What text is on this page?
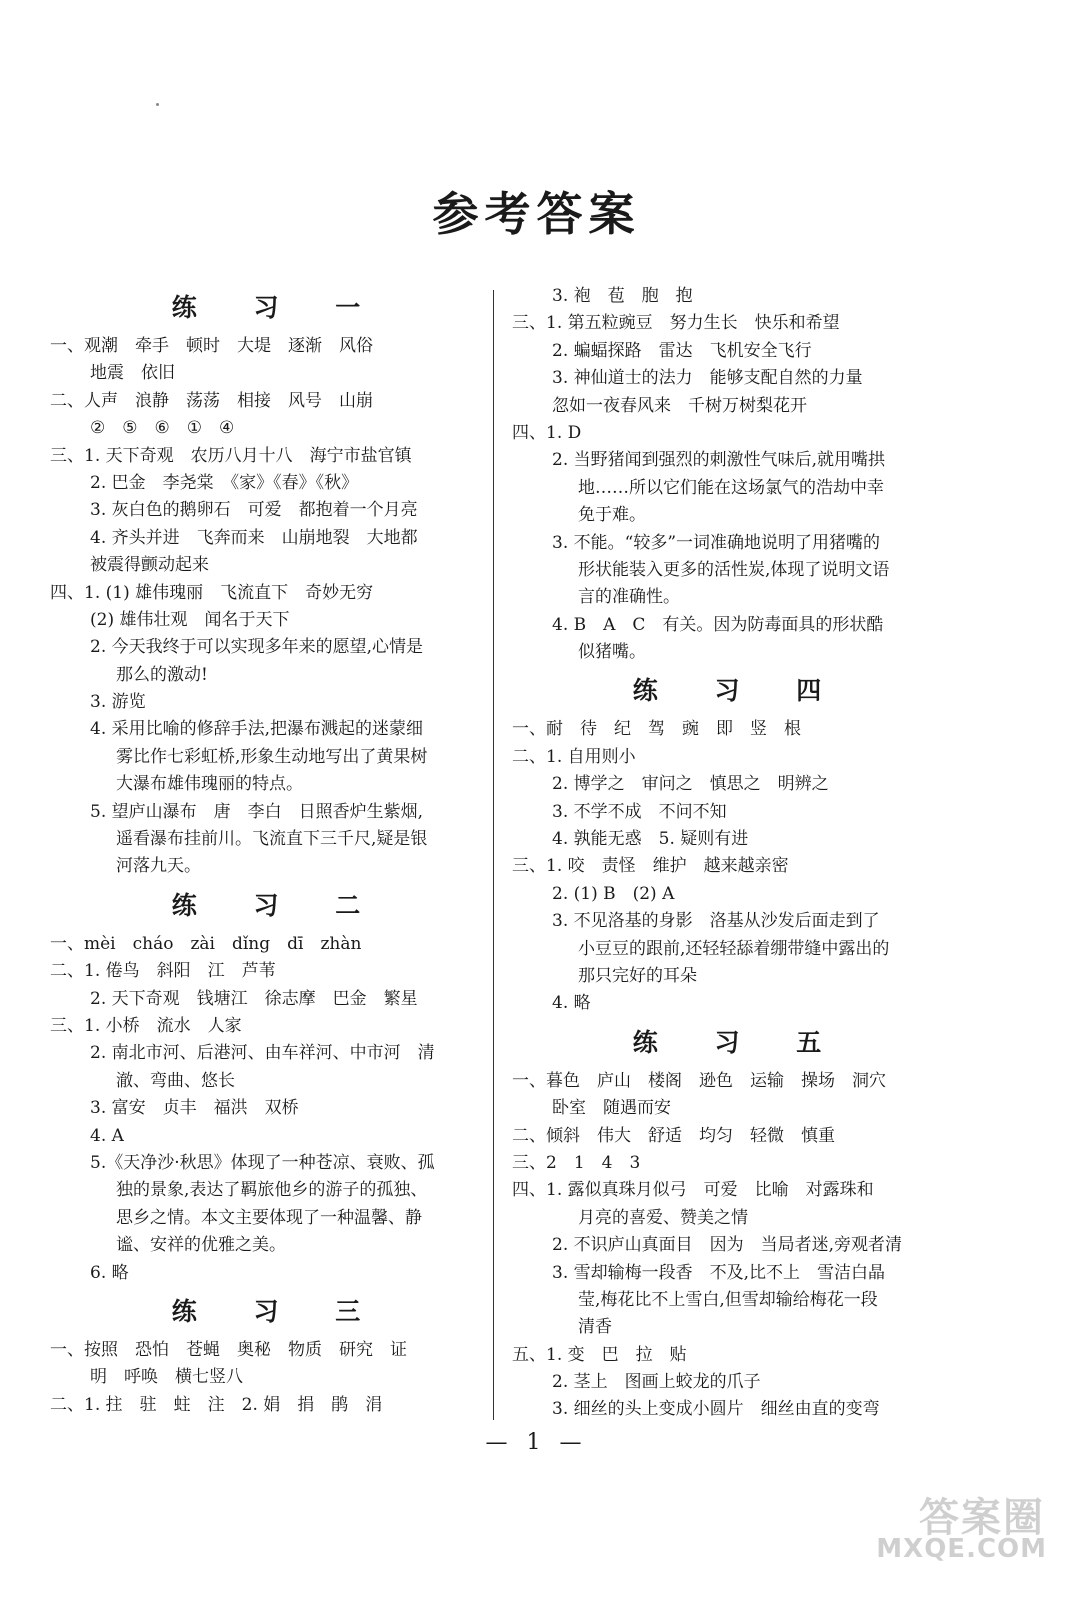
参考答案
练 习 一
一、观潮　牵手　顿时　大堤　逐渐　风俗
地震　依旧
二、人声　浪静　荡荡　相接　风号　山崩
②　⑤　⑥　①　④
三、1. 天下奇观　农历八月十八　海宁市盐官镇
2. 巴金　李尧棠　《家》《春》《秋》
3. 灰白色的鹅卵石　可爱　都抱着一个月亮
4. 齐头并进　飞奔而来　山崩地裂　大地都
被震得颤动起来
四、1. (1) 雄伟瑰丽　飞流直下　奇妙无穷
(2) 雄伟壮观　闻名于天下
2. 今天我终于可以实现多年来的愿望,心情是
那么的激动!
3. 游览
4. 采用比喻的修辞手法,把瀑布溅起的迷蒙细
雾比作七彩虹桥,形象生动地写出了黄果树
大瀑布雄伟瑰丽的特点。
5. 望庐山瀑布　唐　李白　日照香炉生紫烟,
遥看瀑布挂前川。飞流直下三千尺,疑是银
河落九天。
练 习 二
一、mèi　cháo　zài　dǐng　dī　zhàn
二、1. 倦鸟　斜阳　江　芦苇
2. 天下奇观　钱塘江　徐志摩　巴金　繁星
三、1. 小桥　流水　人家
2. 南北市河、后港河、由车祥河、中市河　清
澈、弯曲、悠长
3. 富安　贞丰　福洪　双桥
4. A
5.《天净沙·秋思》体现了一种苍凉、衰败、孤
独的景象,表达了羁旅他乡的游子的孤独、
思乡之情。本文主要体现了一种温馨、静
谧、安祥的优雅之美。
6. 略
练 习 三
一、按照　恐怕　苍蝇　奥秘　物质　研究　证
明　呼唤　横七竖八
二、1. 拄　驻　蛀　注　2. 娟　捐　鹃　涓
3. 袍　苞　胞　抱
三、1. 第五粒豌豆　努力生长　快乐和希望
2. 蝙蝠探路　雷达　飞机安全飞行
3. 神仙道士的法力　能够支配自然的力量
忽如一夜春风来　千树万树梨花开
四、1. D
2. 当野猪闻到强烈的刺激性气味后,就用嘴拱
地……所以它们能在这场氯气的浩劫中幸
免于难。
3. 不能。“较多”一词准确地说明了用猪嘴的
形状能装入更多的活性炭,体现了说明文语
言的准确性。
4. B　A　C　有关。因为防毒面具的形状酷
似猪嘴。
练 习 四
一、耐　待　纪　驾　豌　即　竖　根
二、1. 自用则小
2. 博学之　审问之　慎思之　明辨之
3. 不学不成　不问不知
4. 孰能无惑　5. 疑则有进
三、1. 咬　责怪　维护　越来越亲密
2. (1) B　(2) A
3. 不见洛基的身影　洛基从沙发后面走到了
小豆豆的跟前,还轻轻舔着绷带缝中露出的
那只完好的耳朵
4. 略
练 习 五
一、暮色　庐山　楼阁　逊色　运输　操场　洞穴
卧室　随遇而安
二、倾斜　伟大　舒适　均匀　轻微　慎重
三、2　1　4　3
四、1. 露似真珠月似弓　可爱　比喻　对露珠和
月亮的喜爱、赞美之情
2. 不识庐山真面目　因为　当局者迷,旁观者清
3. 雪却输梅一段香　不及,比不上　雪洁白晶
莹,梅花比不上雪白,但雪却输给梅花一段
清香
五、1. 变　巴　拉　贴
2. 茎上　图画上蛟龙的爪子
3. 细丝的头上变成小圆片　细丝由直的变弯
— 1 —
答案圈
MXQE.COM
